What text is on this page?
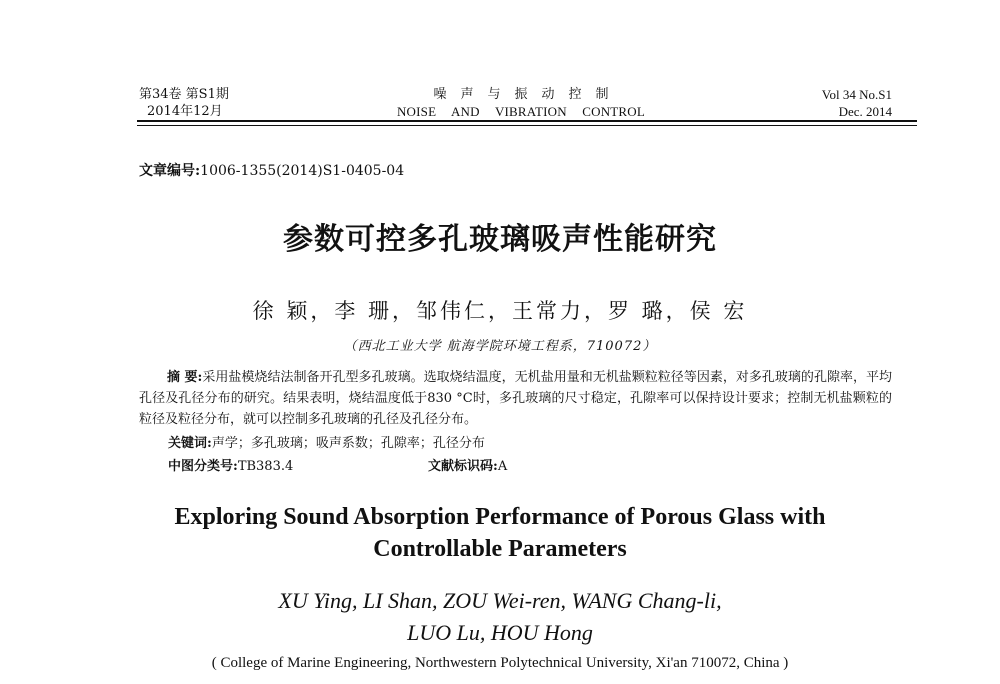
第34卷 第S1期
2014年12月
噪声与振动控制
NOISE AND VIBRATION CONTROL
Vol 34 No.S1
Dec. 2014
文章编号:1006-1355(2014)S1-0405-04
参数可控多孔玻璃吸声性能研究
徐 颖，李 珊，邹伟仁，王常力，罗 璐，侯 宏
（西北工业大学 航海学院环境工程系，710072）
摘 要:采用盐模烧结法制备开孔型多孔玻璃。选取烧结温度，无机盐用量和无机盐颗粒粒径等因素，对多孔玻璃的孔隙率，平均孔径及孔径分布的研究。结果表明，烧结温度低于830 °C时，多孔玻璃的尺寸稳定，孔隙率可以保持设计要求；控制无机盐颗粒的粒径及粒径分布，就可以控制多孔玻璃的孔径及孔径分布。
关键词:声学；多孔玻璃；吸声系数；孔隙率；孔径分布
中图分类号:TB383.4	文献标识码:A
Exploring Sound Absorption Performance of Porous Glass with
Controllable Parameters
XU Ying, LI Shan, ZOU Wei-ren, WANG Chang-li,
LUO Lu, HOU Hong
( College of Marine Engineering, Northwestern Polytechnical University, Xi'an 710072, China )
